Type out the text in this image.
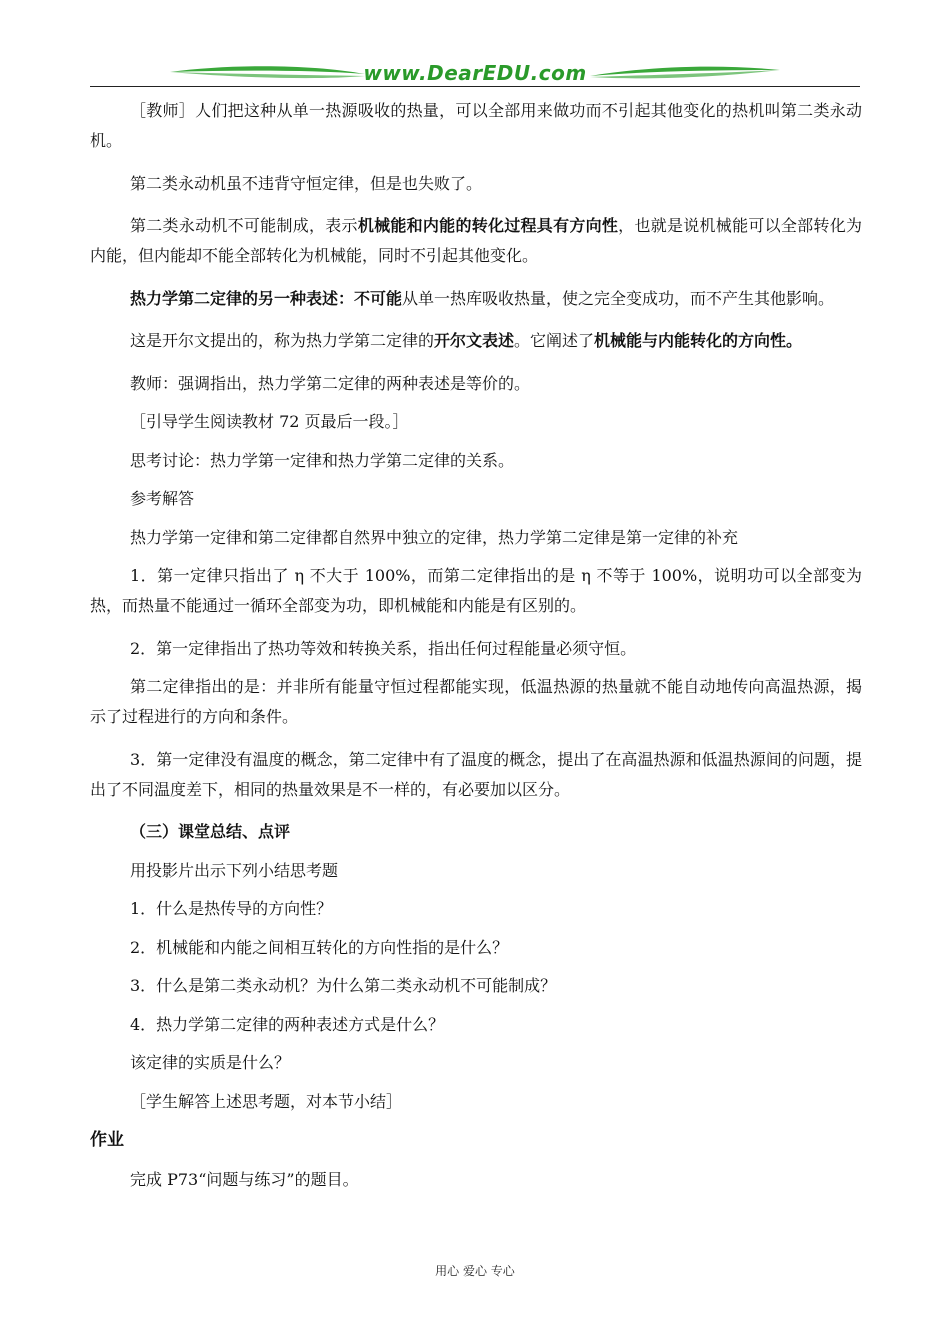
www.DearEDU.com

［教师］人们把这种从单一热源吸收的热量，可以全部用来做功而不引起其他变化的热机叫第二类永动机。

第二类永动机虽不违背守恒定律，但是也失败了。

第二类永动机不可能制成，表示机械能和内能的转化过程具有方向性，也就是说机械能可以全部转化为内能，但内能却不能全部转化为机械能，同时不引起其他变化。

热力学第二定律的另一种表述：不可能从单一热库吸收热量，使之完全变成功，而不产生其他影响。

这是开尔文提出的，称为热力学第二定律的开尔文表述。它阐述了机械能与内能转化的方向性。

教师：强调指出，热力学第二定律的两种表述是等价的。

［引导学生阅读教材 72 页最后一段。］

思考讨论：热力学第一定律和热力学第二定律的关系。

参考解答

热力学第一定律和第二定律都自然界中独立的定律，热力学第二定律是第一定律的补充

1．第一定律只指出了 η 不大于 100%，而第二定律指出的是 η 不等于 100%，说明功可以全部变为热，而热量不能通过一循环全部变为功，即机械能和内能是有区别的。

2．第一定律指出了热功等效和转换关系，指出任何过程能量必须守恒。

第二定律指出的是：并非所有能量守恒过程都能实现，低温热源的热量就不能自动地传向高温热源，揭示了过程进行的方向和条件。

3．第一定律没有温度的概念，第二定律中有了温度的概念，提出了在高温热源和低温热源间的问题，提出了不同温度差下，相同的热量效果是不一样的，有必要加以区分。

（三）课堂总结、点评

用投影片出示下列小结思考题

1．什么是热传导的方向性？

2．机械能和内能之间相互转化的方向性指的是什么？

3．什么是第二类永动机？为什么第二类永动机不可能制成？

4．热力学第二定律的两种表述方式是什么？

该定律的实质是什么？

［学生解答上述思考题，对本节小结］

作业

完成 P73“问题与练习”的题目。

用心 爱心 专心
